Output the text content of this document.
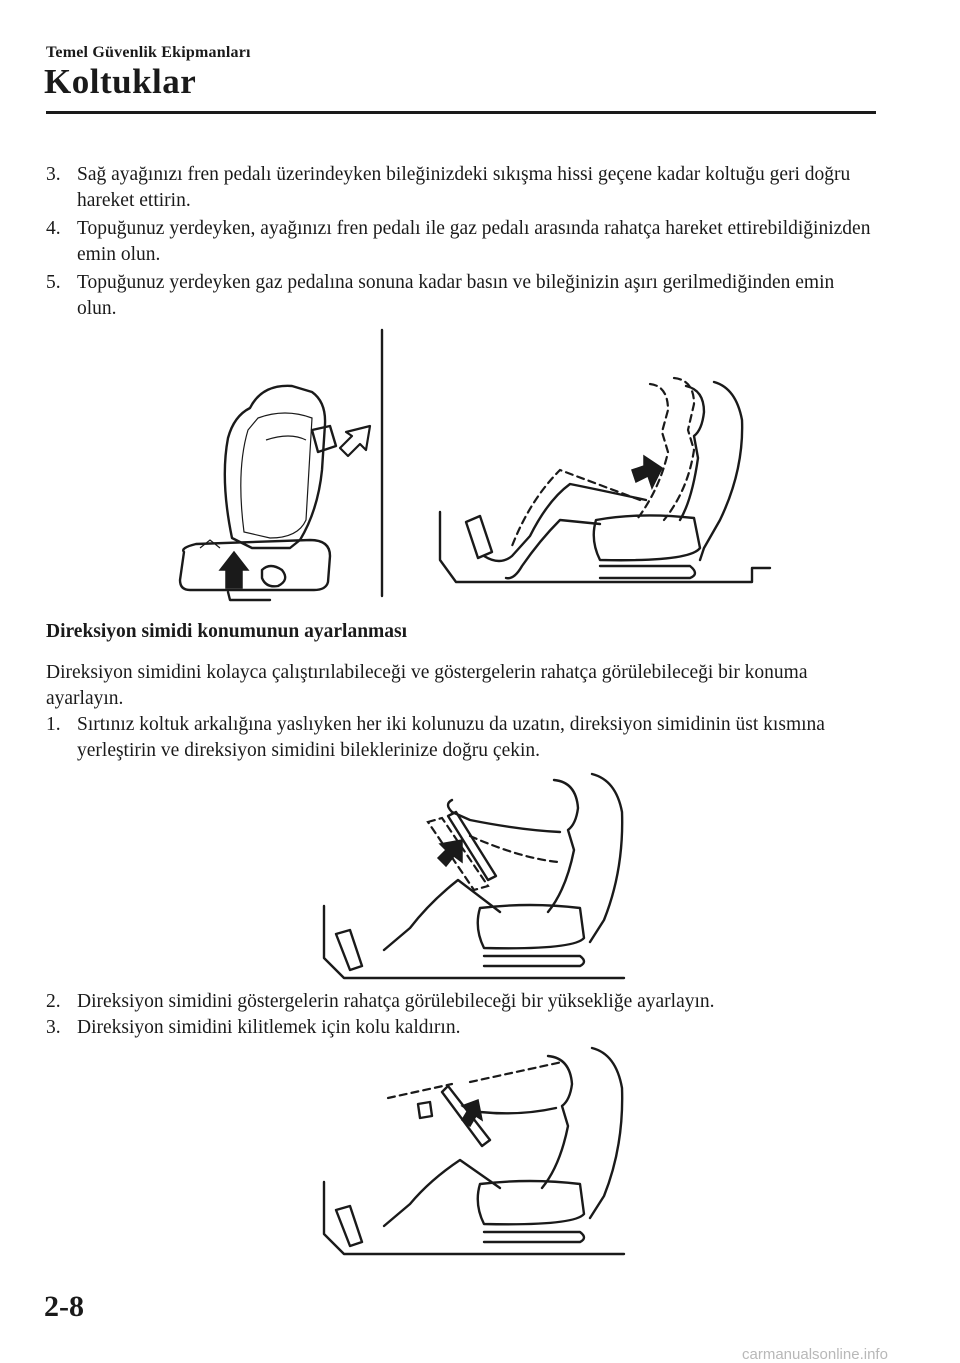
Temel Güvenlik Ekipmanları
Koltuklar
3. Sağ ayağınızı fren pedalı üzerindeyken bileğinizdeki sıkışma hissi geçene kadar koltuğu geri doğru hareket ettirin.
4. Topuğunuz yerdeyken, ayağınızı fren pedalı ile gaz pedalı arasında rahatça hareket ettirebildiğinizden emin olun.
5. Topuğunuz yerdeyken gaz pedalına sonuna kadar basın ve bileğinizin aşırı gerilmediğinden emin olun.
Direksiyon simidi konumunun ayarlanması
Direksiyon simidini kolayca çalıştırılabileceği ve göstergelerin rahatça görülebileceği bir konuma ayarlayın.
1. Sırtınız koltuk arkalığına yaslıyken her iki kolunuzu da uzatın, direksiyon simidinin üst kısmına yerleştirin ve direksiyon simidini bileklerinize doğru çekin.
2. Direksiyon simidini göstergelerin rahatça görülebileceği bir yüksekliğe ayarlayın.
3. Direksiyon simidini kilitlemek için kolu kaldırın.
2-8
carmanualsonline.info
